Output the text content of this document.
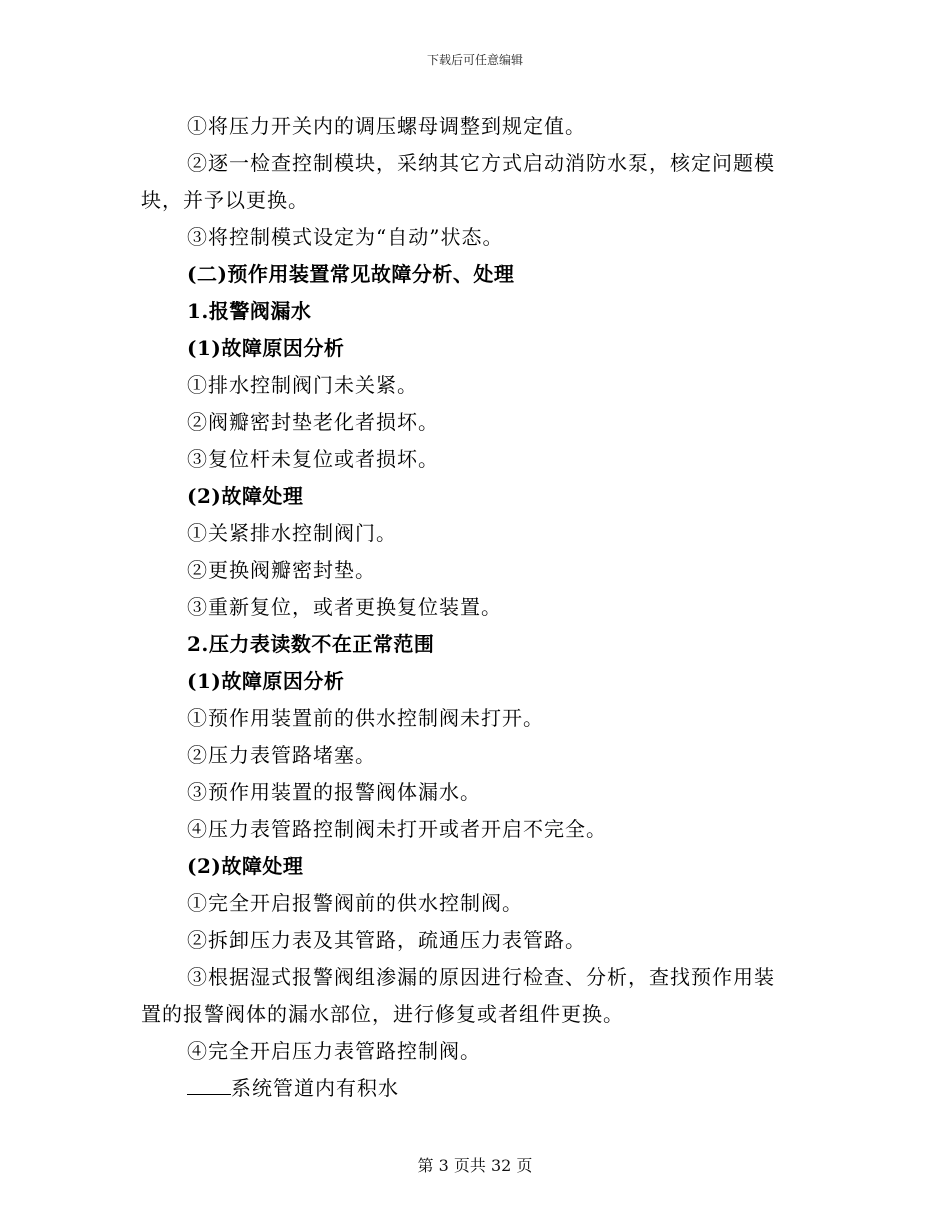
下载后可任意编辑
①将压力开关内的调压螺母调整到规定值。
②逐一检查控制模块，采纳其它方式启动消防水泵，核定问题模
块，并予以更换。
③将控制模式设定为“自动”状态。
(二)预作用装置常见故障分析、处理
1.报警阀漏水
(1)故障原因分析
①排水控制阀门未关紧。
②阀瓣密封垫老化者损坏。
③复位杆未复位或者损坏。
(2)故障处理
①关紧排水控制阀门。
②更换阀瓣密封垫。
③重新复位，或者更换复位装置。
2.压力表读数不在正常范围
(1)故障原因分析
①预作用装置前的供水控制阀未打开。
②压力表管路堵塞。
③预作用装置的报警阀体漏水。
④压力表管路控制阀未打开或者开启不完全。
(2)故障处理
①完全开启报警阀前的供水控制阀。
②拆卸压力表及其管路，疏通压力表管路。
③根据湿式报警阀组渗漏的原因进行检查、分析，查找预作用装
置的报警阀体的漏水部位，进行修复或者组件更换。
④完全开启压力表管路控制阀。
系统管道内有积水
第 3 页共 32 页
